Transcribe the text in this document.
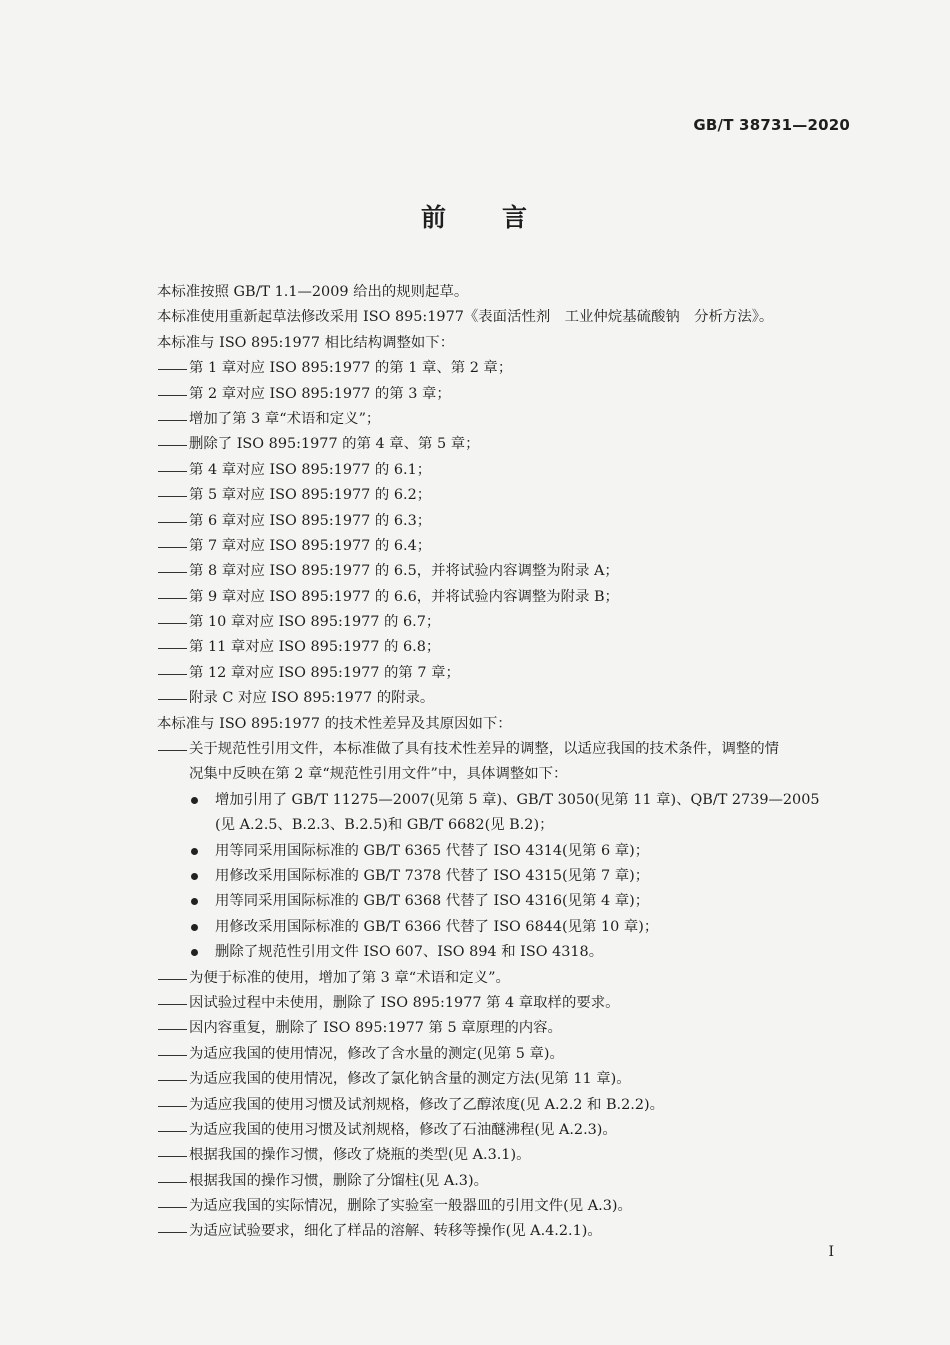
GB/T 38731—2020
前 言
本标准按照 GB/T 1.1—2009 给出的规则起草。
本标准使用重新起草法修改采用 ISO 895:1977《表面活性剂　工业仲烷基硫酸钠　分析方法》。
本标准与 ISO 895:1977 相比结构调整如下：
第 1 章对应 ISO 895:1977 的第 1 章、第 2 章；
第 2 章对应 ISO 895:1977 的第 3 章；
增加了第 3 章“术语和定义”；
删除了 ISO 895:1977 的第 4 章、第 5 章；
第 4 章对应 ISO 895:1977 的 6.1；
第 5 章对应 ISO 895:1977 的 6.2；
第 6 章对应 ISO 895:1977 的 6.3；
第 7 章对应 ISO 895:1977 的 6.4；
第 8 章对应 ISO 895:1977 的 6.5，并将试验内容调整为附录 A；
第 9 章对应 ISO 895:1977 的 6.6，并将试验内容调整为附录 B；
第 10 章对应 ISO 895:1977 的 6.7；
第 11 章对应 ISO 895:1977 的 6.8；
第 12 章对应 ISO 895:1977 的第 7 章；
附录 C 对应 ISO 895:1977 的附录。
本标准与 ISO 895:1977 的技术性差异及其原因如下：
关于规范性引用文件，本标准做了具有技术性差异的调整，以适应我国的技术条件，调整的情
况集中反映在第 2 章“规范性引用文件”中，具体调整如下：
增加引用了 GB/T 11275—2007(见第 5 章)、GB/T 3050(见第 11 章)、QB/T 2739—2005
(见 A.2.5、B.2.3、B.2.5)和 GB/T 6682(见 B.2)；
用等同采用国际标准的 GB/T 6365 代替了 ISO 4314(见第 6 章)；
用修改采用国际标准的 GB/T 7378 代替了 ISO 4315(见第 7 章)；
用等同采用国际标准的 GB/T 6368 代替了 ISO 4316(见第 4 章)；
用修改采用国际标准的 GB/T 6366 代替了 ISO 6844(见第 10 章)；
删除了规范性引用文件 ISO 607、ISO 894 和 ISO 4318。
为便于标准的使用，增加了第 3 章“术语和定义”。
因试验过程中未使用，删除了 ISO 895:1977 第 4 章取样的要求。
因内容重复，删除了 ISO 895:1977 第 5 章原理的内容。
为适应我国的使用情况，修改了含水量的测定(见第 5 章)。
为适应我国的使用情况，修改了氯化钠含量的测定方法(见第 11 章)。
为适应我国的使用习惯及试剂规格，修改了乙醇浓度(见 A.2.2 和 B.2.2)。
为适应我国的使用习惯及试剂规格，修改了石油醚沸程(见 A.2.3)。
根据我国的操作习惯，修改了烧瓶的类型(见 A.3.1)。
根据我国的操作习惯，删除了分馏柱(见 A.3)。
为适应我国的实际情况，删除了实验室一般器皿的引用文件(见 A.3)。
为适应试验要求，细化了样品的溶解、转移等操作(见 A.4.2.1)。
I
